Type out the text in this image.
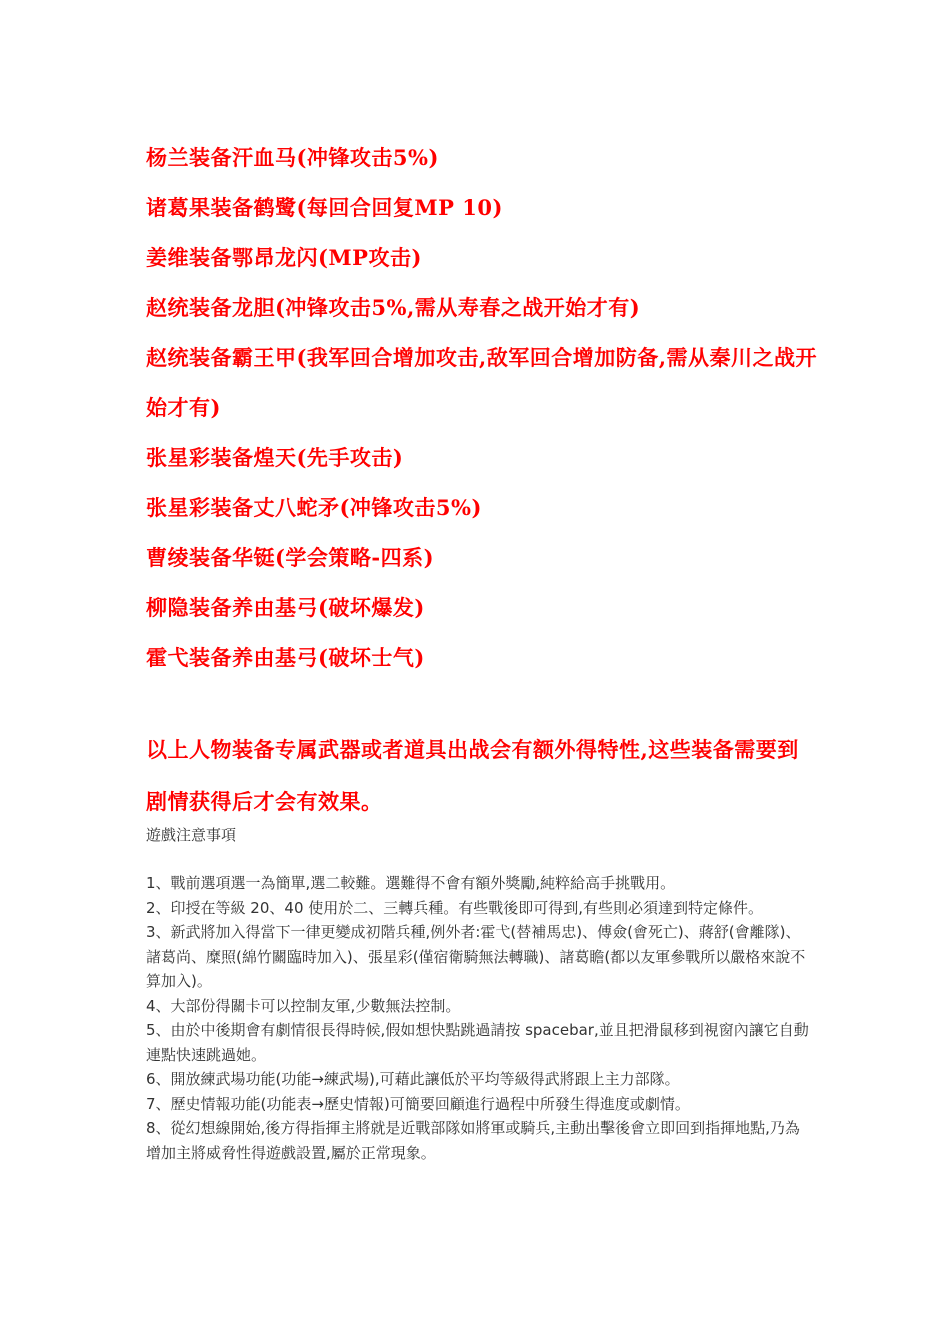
杨兰装备汗血马(冲锋攻击5%)
诸葛果装备鹤鹭(每回合回复MP 10)
姜维装备鄂昂龙闪(MP攻击)
赵统装备龙胆(冲锋攻击5%,需从寿春之战开始才有)
赵统装备霸王甲(我军回合增加攻击,敌军回合增加防备,需从秦川之战开始才有)
张星彩装备煌天(先手攻击)
张星彩装备丈八蛇矛(冲锋攻击5%)
曹绫装备华铤(学会策略-四系)
柳隐装备养由基弓(破坏爆发)
霍弋装备养由基弓(破坏士气)
以上人物装备专属武器或者道具出战会有额外得特性,这些装备需要到剧情获得后才会有效果。
遊戲注意事項

1、戰前選項選一為簡單,選二較難。選難得不會有額外獎勵,純粹給高手挑戰用。

2、印授在等級 20、40 使用於二、三轉兵種。有些戰後即可得到,有些則必須達到特定條件。

3、新武將加入得當下一律更變成初階兵種,例外者:霍弋(替補馬忠)、傅僉(會死亡)、蔣舒(會離隊)、諸葛尚、糜照(綿竹關臨時加入)、張星彩(僅宿衛騎無法轉職)、諸葛瞻(都以友軍參戰所以嚴格來說不算加入)。

4、大部份得關卡可以控制友軍,少數無法控制。

5、由於中後期會有劇情很長得時候,假如想快點跳過請按 spacebar,並且把滑鼠移到視窗內讓它自動連點快速跳過她。

6、開放練武場功能(功能→練武場),可藉此讓低於平均等級得武將跟上主力部隊。

7、歷史情報功能(功能表→歷史情報)可簡要回顧進行過程中所發生得進度或劇情。

8、從幻想線開始,後方得指揮主將就是近戰部隊如將軍或騎兵,主動出擊後會立即回到指揮地點,乃為增加主將威脅性得遊戲設置,屬於正常現象。
